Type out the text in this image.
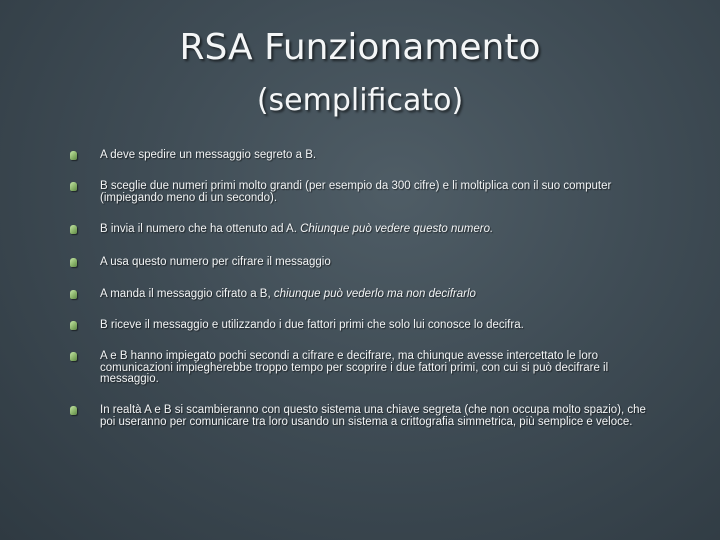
RSA Funzionamento
(semplificato)
A deve spedire un messaggio segreto a B.
B sceglie due numeri primi molto grandi (per esempio da 300 cifre) e li moltiplica con il suo computer (impiegando meno di un secondo).
B invia il numero che ha ottenuto ad A. Chiunque può vedere questo numero.
A usa questo numero per cifrare il messaggio
A manda il messaggio cifrato a B, chiunque può vederlo ma non decifrarlo
B riceve il messaggio e utilizzando i due fattori primi che solo lui conosce lo decifra.
A e B hanno impiegato pochi secondi a cifrare e decifrare, ma chiunque avesse intercettato le loro comunicazioni impiegherebbe troppo tempo per scoprire i due fattori primi, con cui si può decifrare il messaggio.
In realtà A e B si scambieranno con questo sistema una chiave segreta (che non occupa molto spazio), che poi useranno per comunicare tra loro usando un sistema a crittografia simmetrica, più semplice e veloce.
